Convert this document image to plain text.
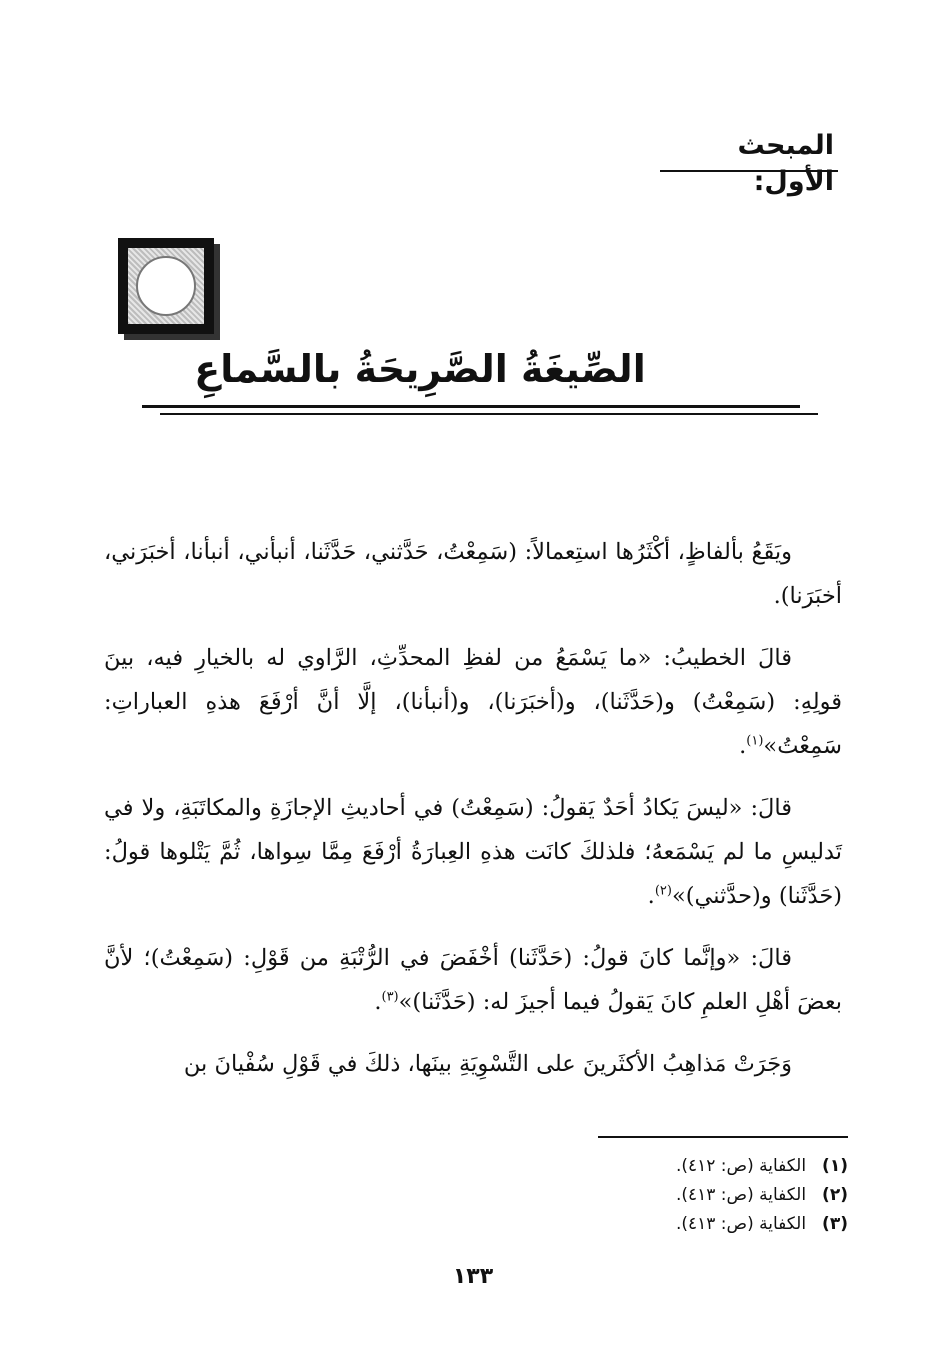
المبحث الأول:
الصِّيغَةُ الصَّرِيحَةُ بالسَّماعِ

ويَقَعُ بألفاظٍ، أكْثَرُها استِعمالاً: (سَمِعْتُ، حَدَّثني، حَدَّثَنا، أنبأني، أنبأنا، أخبَرَني، أخبَرَنا).

قالَ الخطيبُ: «ما يَسْمَعُ من لفظِ المحدِّثِ، الرَّاوي له بالخيارِ فيه، بينَ قولِهِ: (سَمِعْتُ) و(حَدَّثَنا)، و(أخبَرَنا)، و(أنبأنا)، إلَّا أنَّ أرْفَعَ هذهِ العباراتِ: سَمِعْتُ»$^{(١)}$.

قالَ: «ليسَ يَكادُ أحَدٌ يَقولُ: (سَمِعْتُ) في أحاديثِ الإجازَةِ والمكاتَبَةِ، ولا في تَدليسِ ما لم يَسْمَعهُ؛ فلذلكَ كانَت هذهِ العِبارَةُ أرْفَعَ مِمَّا سِواها، ثُمَّ يَتْلوها قولُ: (حَدَّثَنا) و(حدَّثني)»$^{(٢)}$.

قالَ: «وإنَّما كانَ قولُ: (حَدَّثَنا) أخْفَضَ في الرُّتْبَةِ من قَوْلِ: (سَمِعْتُ)؛ لأنَّ بعضَ أهْلِ العلمِ كانَ يَقولُ فيما أجيزَ له: (حَدَّثَنا)»$^{(٣)}$.

وَجَرَتْ مَذاهِبُ الأكثَرينَ على التَّسْوِيَةِ بينَها، ذلكَ في قَوْلِ سُفْيانَ بن

(١)الكفاية (ص: ٤١٢).
(٢)الكفاية (ص: ٤١٣).
(٣)الكفاية (ص: ٤١٣).
١٣٣
